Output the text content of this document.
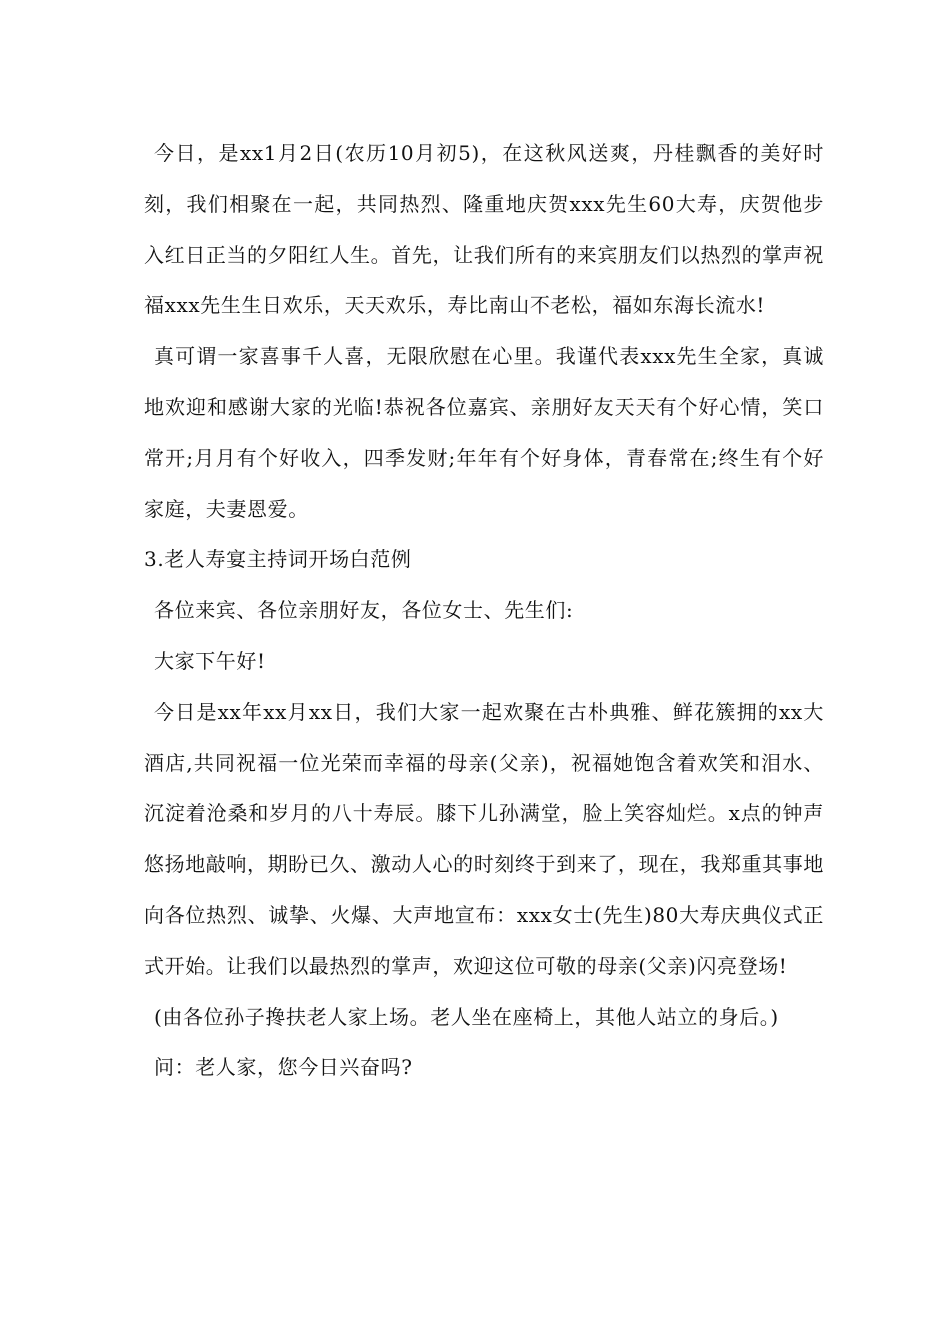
今日，是xx1月2日(农历10月初5)，在这秋风送爽，丹桂飘香的美好时刻，我们相聚在一起，共同热烈、隆重地庆贺xxx先生60大寿，庆贺他步入红日正当的夕阳红人生。首先，让我们所有的来宾朋友们以热烈的掌声祝福xxx先生生日欢乐，天天欢乐，寿比南山不老松，福如东海长流水!

真可谓一家喜事千人喜，无限欣慰在心里。我谨代表xxx先生全家，真诚地欢迎和感谢大家的光临!恭祝各位嘉宾、亲朋好友天天有个好心情，笑口常开;月月有个好收入，四季发财;年年有个好身体，青春常在;终生有个好家庭，夫妻恩爱。

3.老人寿宴主持词开场白范例

各位来宾、各位亲朋好友，各位女士、先生们:

大家下午好!

今日是xx年xx月xx日，我们大家一起欢聚在古朴典雅、鲜花簇拥的xx大酒店,共同祝福一位光荣而幸福的母亲(父亲)，祝福她饱含着欢笑和泪水、沉淀着沧桑和岁月的八十寿辰。膝下儿孙满堂，脸上笑容灿烂。x点的钟声悠扬地敲响，期盼已久、激动人心的时刻终于到来了，现在，我郑重其事地向各位热烈、诚挚、火爆、大声地宣布：xxx女士(先生)80大寿庆典仪式正式开始。让我们以最热烈的掌声，欢迎这位可敬的母亲(父亲)闪亮登场!

(由各位孙子搀扶老人家上场。老人坐在座椅上，其他人站立的身后。)

问：老人家，您今日兴奋吗?
